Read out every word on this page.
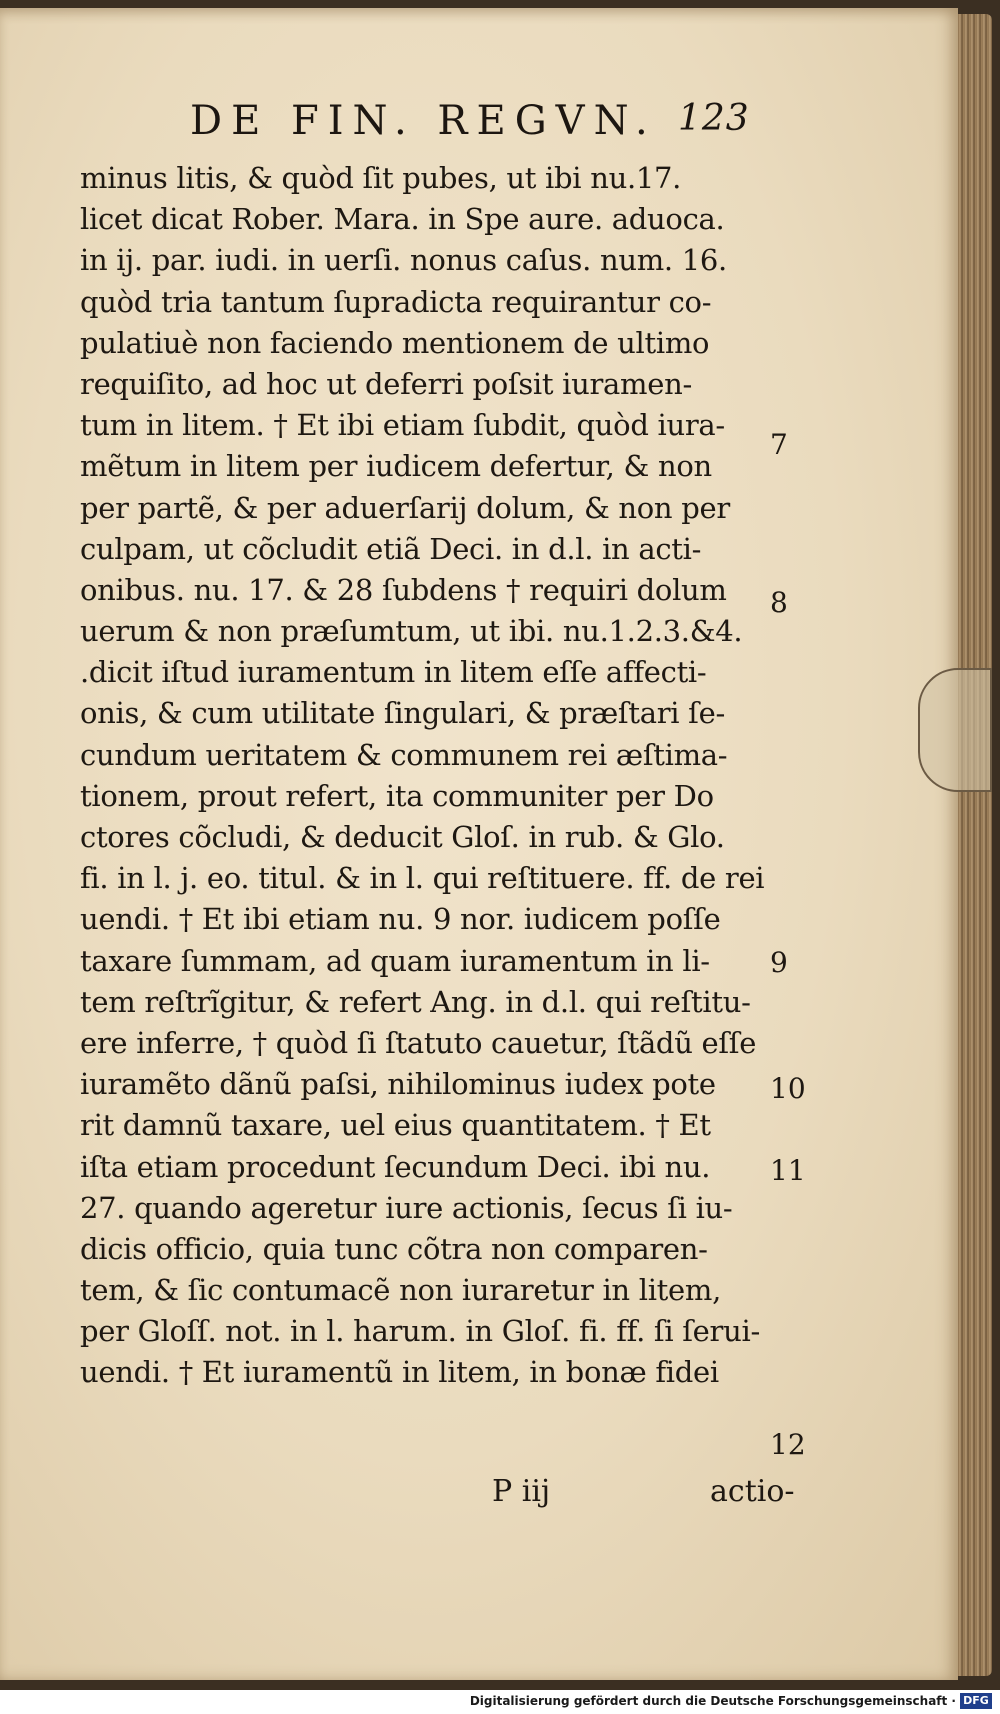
DE FIN. REGVN. 123
minus litis, & quòd ſit pubes, ut ibi nu.17.
licet dicat Rober. Mara. in Spe aure. aduoca.
in ij. par. iudi. in uerſi. nonus caſus. num. 16.
quòd tria tantum ſupradicta requirantur co-
pulatiuè non faciendo mentionem de ultimo
requiſito, ad hoc ut deferri poſsit iuramen-
tum in litem. † Et ibi etiam ſubdit, quòd iura-
mẽtum in litem per iudicem defertur, & non
per partẽ, & per aduerſarij dolum, & non per
culpam, ut cõcludit etiã Deci. in d.l. in acti-
onibus. nu. 17. & 28 ſubdens † requiri dolum
uerum & non præſumtum, ut ibi. nu.1.2.3.&4.
.dicit iſtud iuramentum in litem eſſe affecti-
onis, & cum utilitate ſingulari, & præſtari ſe-
cundum ueritatem & communem rei æſtima-
tionem, prout refert, ita communiter per Do
ctores cõcludi, & deducit Gloſ. in rub. & Glo.
fi. in l. j. eo. titul. & in l. qui reſtituere. ff. de rei
uendi. † Et ibi etiam nu. 9 nor. iudicem poſſe
taxare ſummam, ad quam iuramentum in li-
tem reſtrĩgitur, & refert Ang. in d.l. qui reſtitu-
ere inferre, † quòd ſi ſtatuto cauetur, ſtãdũ eſſe
iuramẽto dãnũ paſsi, nihilominus iudex pote
rit damnũ taxare, uel eius quantitatem. † Et
iſta etiam procedunt ſecundum Deci. ibi nu.
27. quando ageretur iure actionis, ſecus ſi iu-
dicis officio, quia tunc cõtra non comparen-
tem, & ſic contumacẽ non iuraretur in litem,
per Gloſſ. not. in l. harum. in Gloſ. fi. ff. ſi ſerui-
uendi. † Et iuramentũ in litem, in bonæ fidei
7
8
9
10
11
12
P iij	actio-
Digitalisierung gefördert durch die Deutsche Forschungsgemeinschaft · DFG
